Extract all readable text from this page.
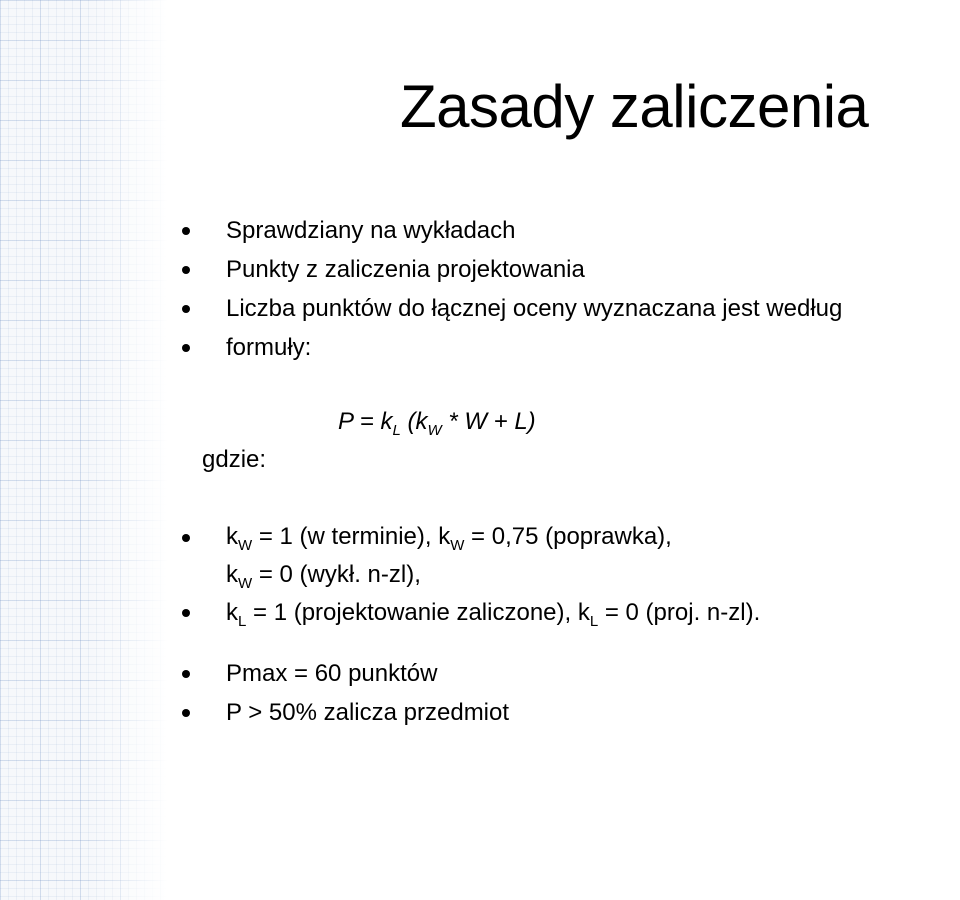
Zasady zaliczenia
Sprawdziany na wykładach
Punkty z zaliczenia projektowania
Liczba punktów do łącznej oceny wyznaczana jest według
formuły:
$P = k_L$ $(k_W * W + L)$
gdzie:
$k_W = 1$ (w terminie), $k_W = 0,75$ (poprawka),
$k_W = 0$ (wykł. n-zl),
$k_L = 1$ (projektowanie zaliczone), $k_L = 0$ (proj. n-zl).
Pmax = 60 punktów
P > 50% zalicza przedmiot
